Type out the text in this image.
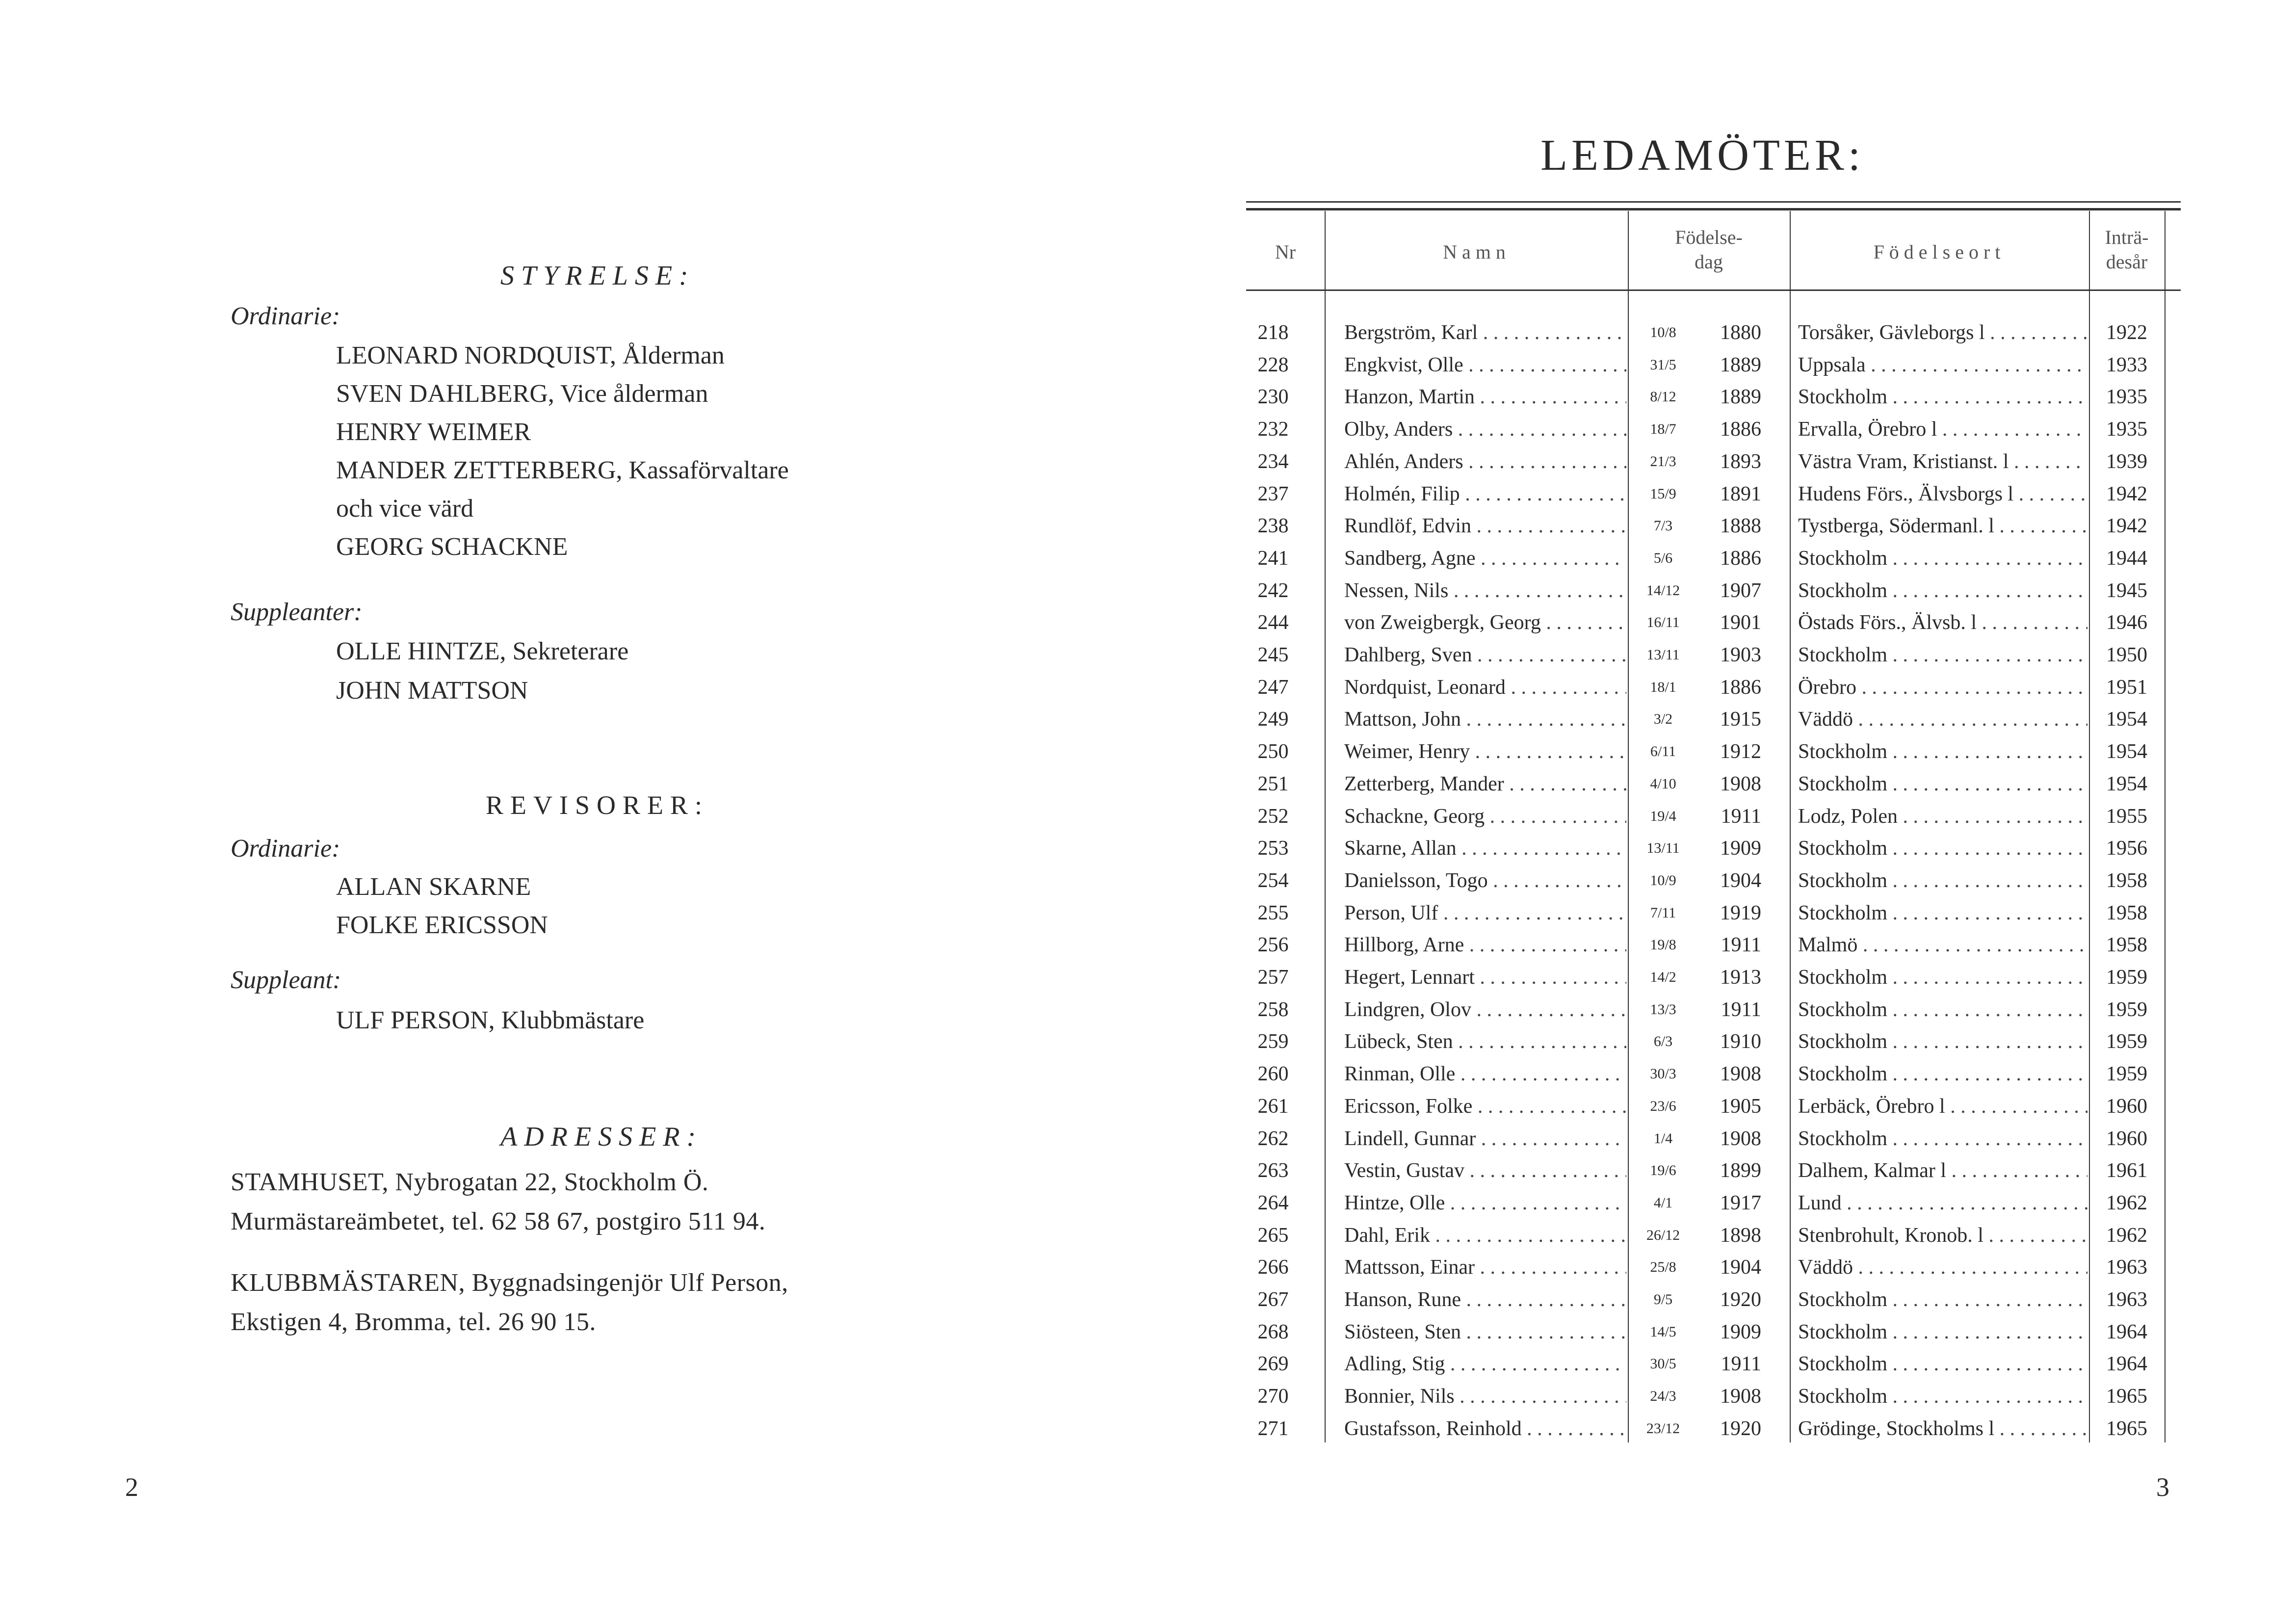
STYRELSE:
Ordinarie:
LEONARD NORDQUIST, Ålderman
SVEN DAHLBERG, Vice ålderman
HENRY WEIMER
MANDER ZETTERBERG, Kassaförvaltare
och vice värd
GEORG SCHACKNE
Suppleanter:
OLLE HINTZE, Sekreterare
JOHN MATTSON
REVISORER:
Ordinarie:
ALLAN SKARNE
FOLKE ERICSSON
Suppleant:
ULF PERSON, Klubbmästare
ADRESSER:
STAMHUSET, Nybrogatan 22, Stockholm Ö.
Murmästareämbetet, tel. 62 58 67, postgiro 511 94.
KLUBBMÄSTAREN, Byggnadsingenjör Ulf Person,
Ekstigen 4, Bromma, tel. 26 90 15.
2
LEDAMÖTER:
Nr	Namn
Födelse-
dag	Födelseort
Inträ-
desår
218	Bergström, Karl . . .	10/8	1880 Torsåker, Gävleborgs l . . .	1922
228	Engkvist, Olle . . .	31/5	1889 Uppsala . . .	1933
230	Hanzon, Martin . . .	8/12	1889 Stockholm . . .	1935
232	Olby, Anders . . .	18/7	1886 Ervalla, Örebro l . . .	1935
234	Ahlén, Anders . . .	21/3	1893 Västra Vram, Kristianst. l . . .	1939
237	Holmén, Filip . . .	15/9	1891 Hudens Förs., Älvsborgs l . . .	1942
238	Rundlöf, Edvin . . .	7/3	1888 Tystberga, Södermanl. l . . .	1942
241	Sandberg, Agne . . .	5/6	1886 Stockholm . . .	1944
242	Nessen, Nils . . .	14/12	1907 Stockholm . . .	1945
244	von Zweigbergk, Georg . . .	16/11	1901 Östads Förs., Älvsb. l . . .	1946
245	Dahlberg, Sven . . .	13/11	1903 Stockholm . . .	1950
247	Nordquist, Leonard . . .	18/1	1886 Örebro . . .	1951
249	Mattson, John . . .	3/2	1915 Väddö . . .	1954
250	Weimer, Henry . . .	6/11	1912 Stockholm . . .	1954
251	Zetterberg, Mander . . .	4/10	1908 Stockholm . . .	1954
252	Schackne, Georg . . .	19/4	1911 Lodz, Polen . . .	1955
253	Skarne, Allan . . .	13/11	1909 Stockholm . . .	1956
254	Danielsson, Togo . . .	10/9	1904 Stockholm . . .	1958
255	Person, Ulf . . .	7/11	1919 Stockholm . . .	1958
256	Hillborg, Arne . . .	19/8	1911 Malmö . . .	1958
257	Hegert, Lennart . . .	14/2	1913 Stockholm . . .	1959
258	Lindgren, Olov . . .	13/3	1911 Stockholm . . .	1959
259	Lübeck, Sten . . .	6/3	1910 Stockholm . . .	1959
260	Rinman, Olle . . .	30/3	1908 Stockholm . . .	1959
261	Ericsson, Folke . . .	23/6	1905 Lerbäck, Örebro l . . .	1960
262	Lindell, Gunnar . . .	1/4	1908 Stockholm . . .	1960
263	Vestin, Gustav . . .	19/6	1899 Dalhem, Kalmar l . . .	1961
264	Hintze, Olle . . .	4/1	1917 Lund . . .	1962
265	Dahl, Erik . . .	26/12	1898 Stenbrohult, Kronob. l . . .	1962
266	Mattsson, Einar . . .	25/8	1904 Väddö . . .	1963
267	Hanson, Rune . . .	9/5	1920 Stockholm . . .	1963
268	Siösteen, Sten . . .	14/5	1909 Stockholm . . .	1964
269	Adling, Stig . . .	30/5	1911 Stockholm . . .	1964
270	Bonnier, Nils . . .	24/3	1908 Stockholm . . .	1965
271	Gustafsson, Reinhold . . .	23/12	1920 Grödinge, Stockholms l . . .	1965
3
